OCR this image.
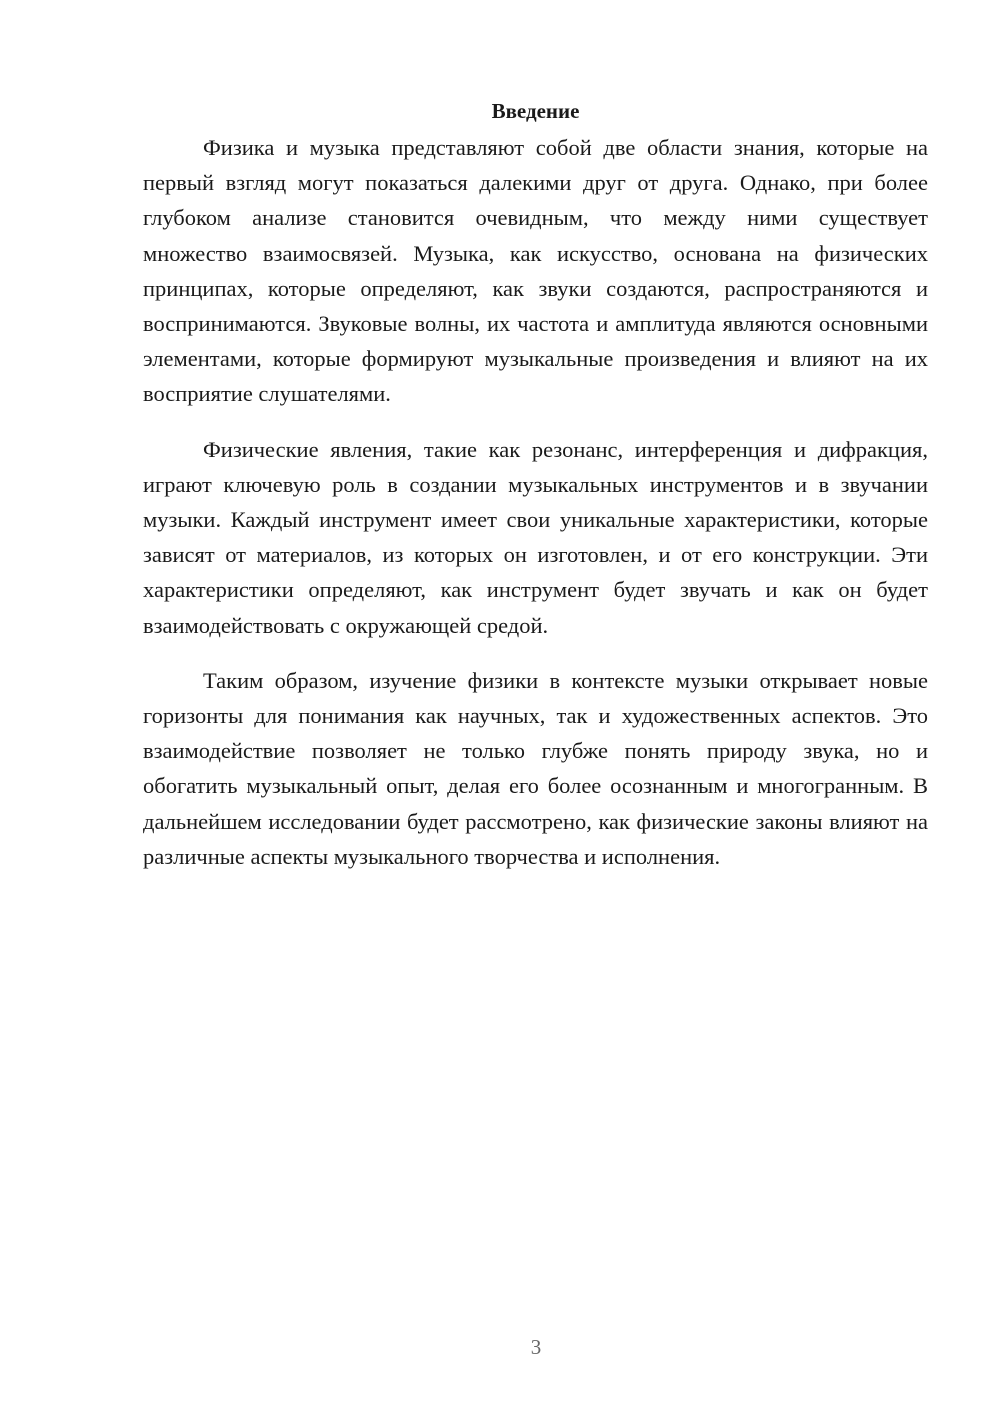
Введение

Физика и музыка представляют собой две области знания, которые на первый взгляд могут показаться далекими друг от друга. Однако, при более глубоком анализе становится очевидным, что между ними существует множество взаимосвязей. Музыка, как искусство, основана на физических принципах, которые определяют, как звуки создаются, распространяются и воспринимаются. Звуковые волны, их частота и амплитуда являются основными элементами, которые формируют музыкальные произведения и влияют на их восприятие слушателями.

Физические явления, такие как резонанс, интерференция и дифракция, играют ключевую роль в создании музыкальных инструментов и в звучании музыки. Каждый инструмент имеет свои уникальные характеристики, которые зависят от материалов, из которых он изготовлен, и от его конструкции. Эти характеристики определяют, как инструмент будет звучать и как он будет взаимодействовать с окружающей средой.

Таким образом, изучение физики в контексте музыки открывает новые горизонты для понимания как научных, так и художественных аспектов. Это взаимодействие позволяет не только глубже понять природу звука, но и обогатить музыкальный опыт, делая его более осознанным и многогранным. В дальнейшем исследовании будет рассмотрено, как физические законы влияют на различные аспекты музыкального творчества и исполнения.

3
